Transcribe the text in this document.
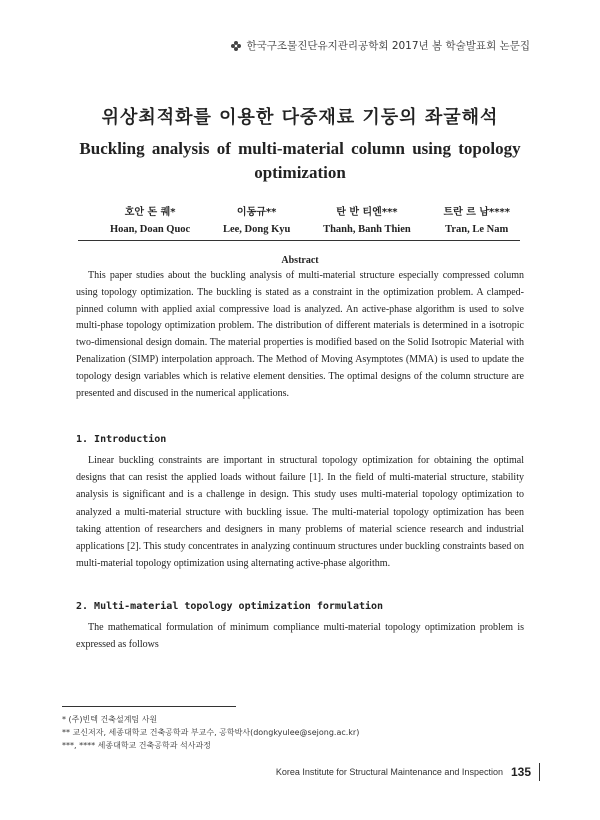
한국구조물진단유지관리공학회 2017년 봄 학술발표회 논문집
위상최적화를 이용한 다중재료 기둥의 좌굴해석
Buckling analysis of multi-material column using topology optimization
호안 돈 퀘*
Hoan, Doan Quoc
이동규**
Lee, Dong Kyu
탄 반 티엔***
Thanh, Banh Thien
트란 르 남****
Tran, Le Nam
Abstract

This paper studies about the buckling analysis of multi-material structure especially compressed column using topology optimization. The buckling is stated as a constraint in the optimization problem. A clamped-pinned column with applied axial compressive load is analyzed. An active-phase algorithm is used to solve multi-phase topology optimization problem. The distribution of different materials is determined in a isotropic two-dimensional design domain. The material properties is modified based on the Solid Isotropic Material with Penalization (SIMP) interpolation approach. The Method of Moving Asymptotes (MMA) is used to update the topology design variables which is relative element densities. The optimal designs of the column structure are presented and discused in the numerical applications.

1. Introduction

Linear buckling constraints are important in structural topology optimization for obtaining the optimal designs that can resist the applied loads without failure [1]. In the field of multi-material structure, stability analysis is significant and is a challenge in design. This study uses multi-material topology optimization to analyzed a multi-material structure with buckling issue. The multi-material topology optimization has been taking attention of researchers and designers in many problems of material science research and industrial applications [2]. This study concentrates in analyzing continuum structures under buckling constraints based on multi-material topology optimization using alternating active-phase algorithm.

2. Multi-material topology optimization formulation

The mathematical formulation of minimum compliance multi-material topology optimization problem is expressed as follows

* (주)빈텍 건축설계팀 사원
** 교신저자, 세종대학교 건축공학과 부교수, 공학박사(dongkyulee@sejong.ac.kr)
***, **** 세종대학교 건축공학과 석사과정
Korea Institute for Structural Maintenance and Inspection 135
